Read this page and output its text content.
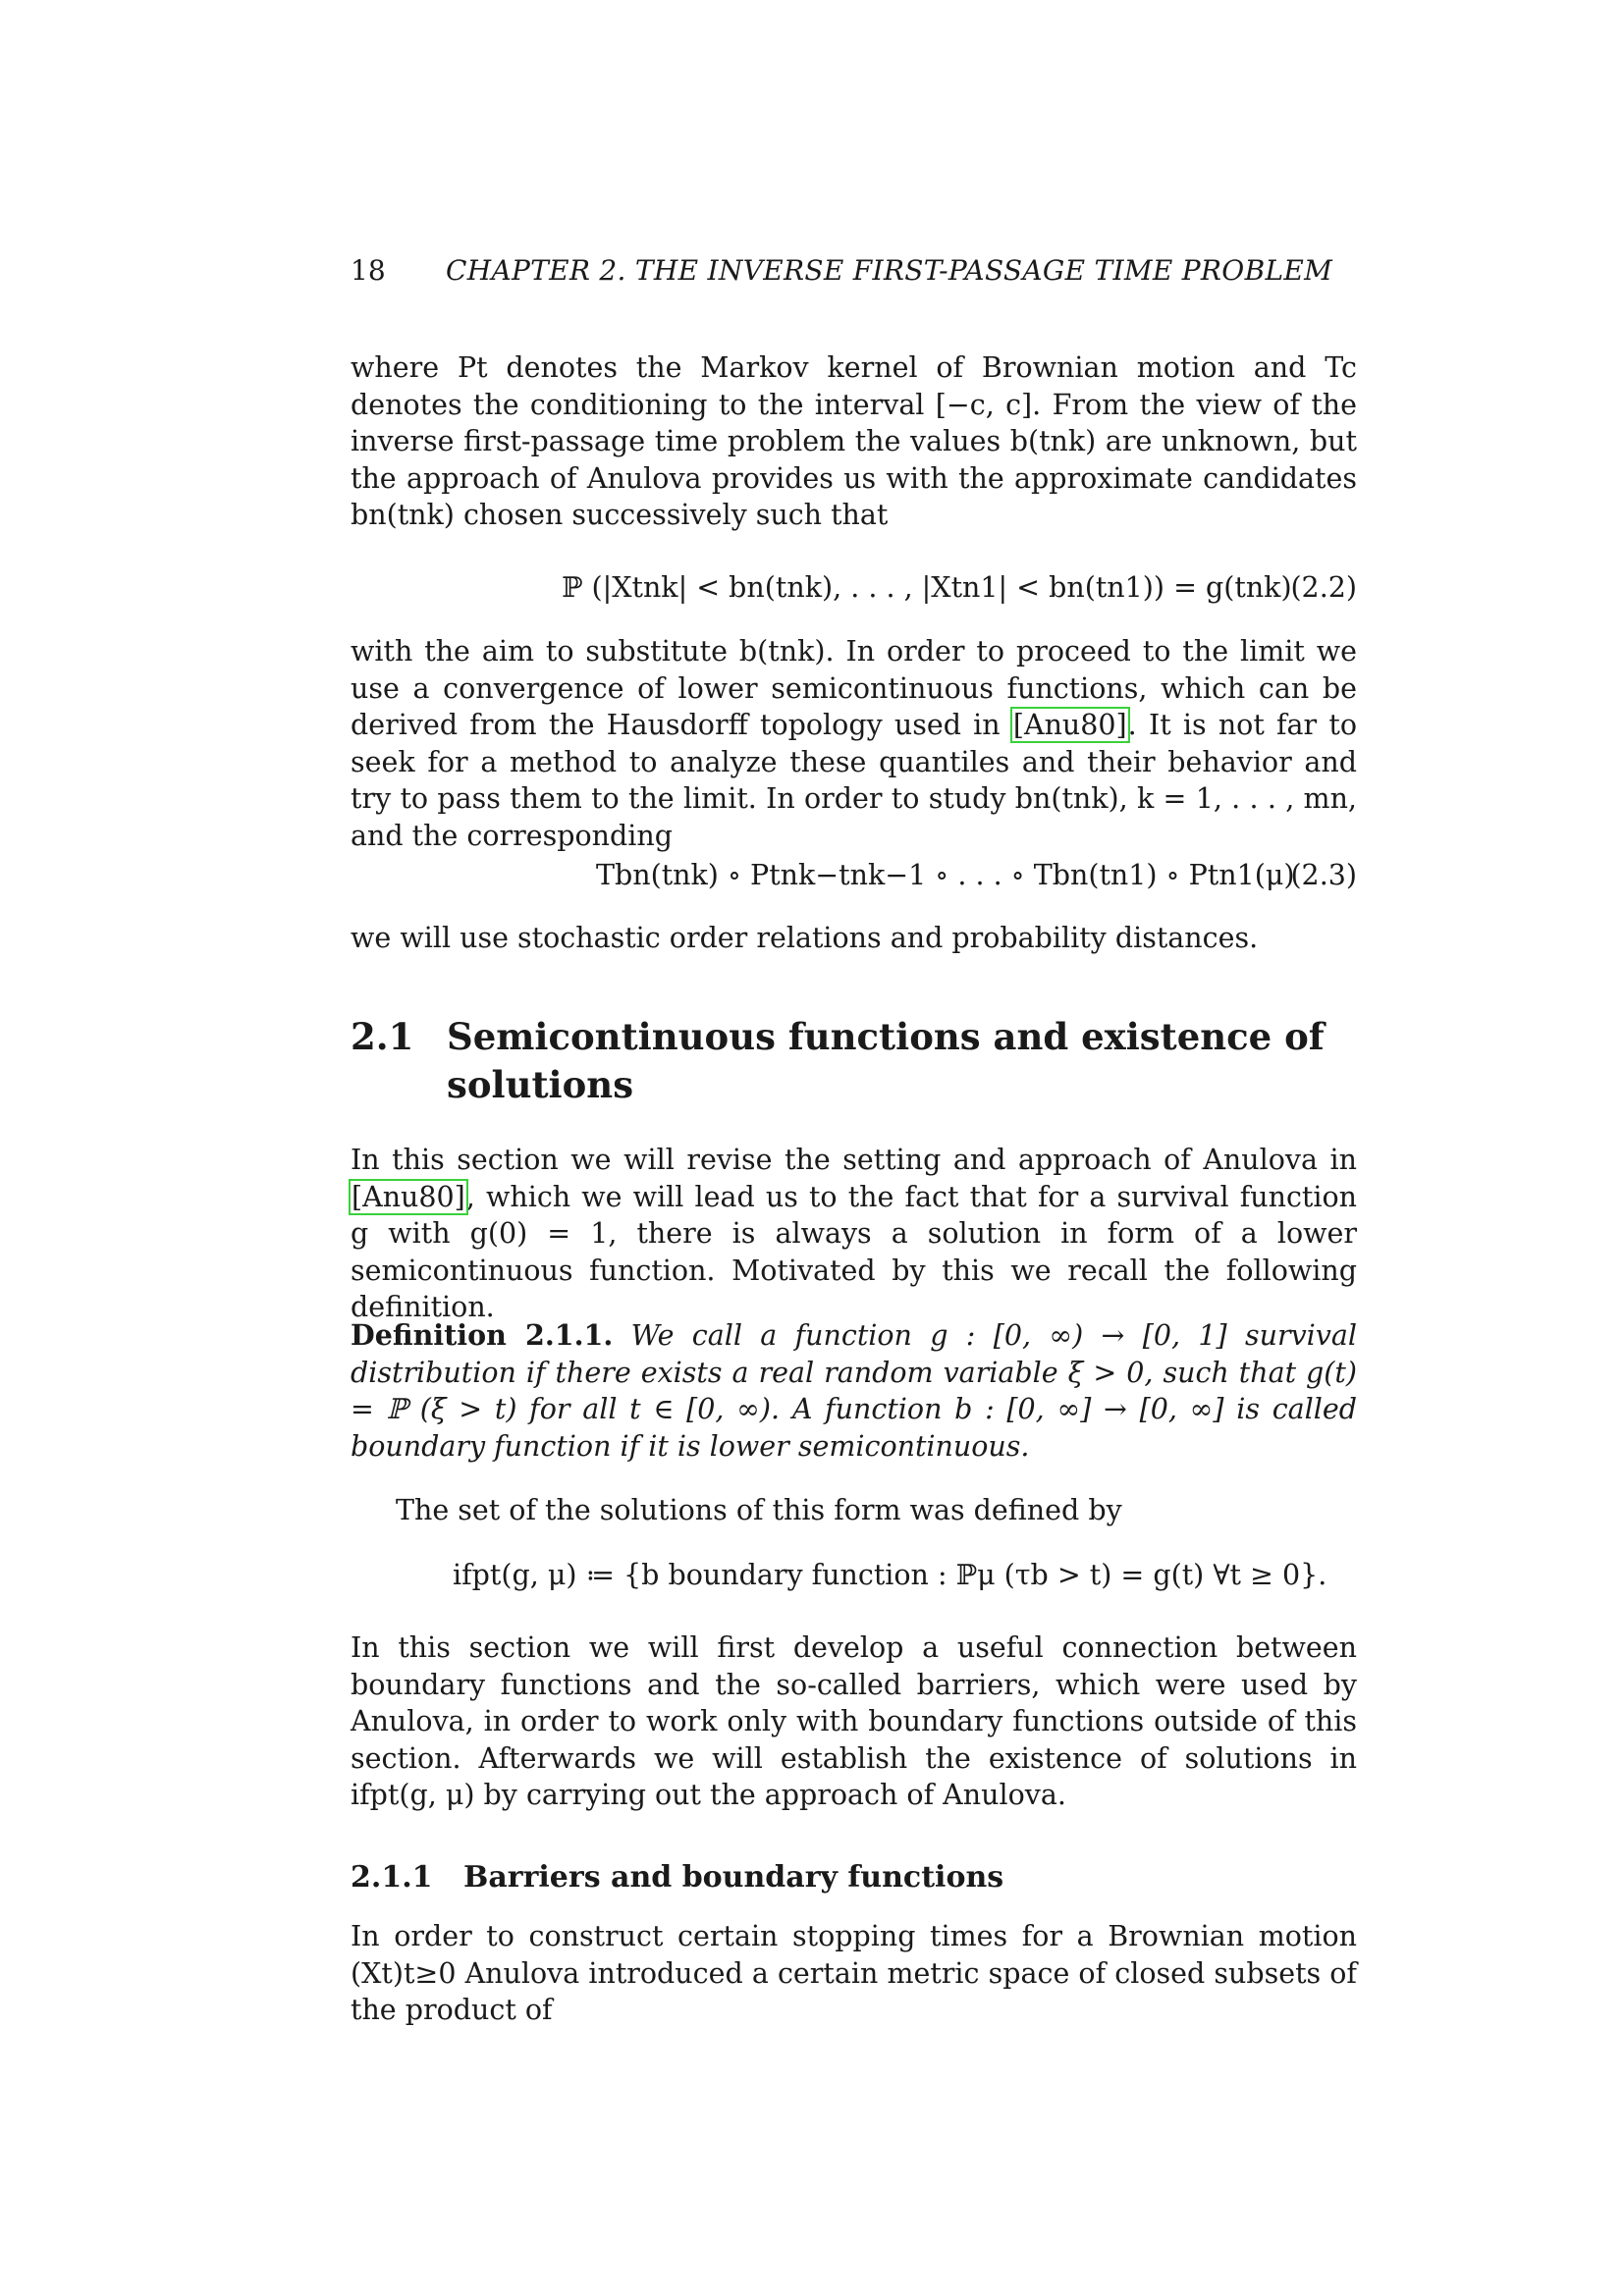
18 CHAPTER 2. THE INVERSE FIRST-PASSAGE TIME PROBLEM

where Pt denotes the Markov kernel of Brownian motion and Tc denotes the conditioning to the interval [−c, c]. From the view of the inverse first-passage time problem the values b(tnk) are unknown, but the approach of Anulova provides us with the approximate candidates bn(tnk) chosen successively such that

ℙ (|Xtnk| < bn(tnk), . . . , |Xtn1| < bn(tn1)) = g(tnk)
(2.2)

with the aim to substitute b(tnk). In order to proceed to the limit we use a convergence of lower semicontinuous functions, which can be derived from the Hausdorff topology used in [Anu80]. It is not far to seek for a method to analyze these quantiles and their behavior and try to pass them to the limit. In order to study bn(tnk), k = 1, . . . , mn, and the corresponding

Tbn(tnk) ∘ Ptnk−tnk−1 ∘ . . . ∘ Tbn(tn1) ∘ Ptn1(μ)
(2.3)

we will use stochastic order relations and probability distances.

2.1 Semicontinuous functions and existence of solutions

In this section we will revise the setting and approach of Anulova in [Anu80], which we will lead us to the fact that for a survival function g with g(0) = 1, there is always a solution in form of a lower semicontinuous function. Motivated by this we recall the following definition.

Definition 2.1.1. We call a function g : [0, ∞) → [0, 1] survival distribution if there exists a real random variable ξ > 0, such that g(t) = ℙ (ξ > t) for all t ∈ [0, ∞). A function b : [0, ∞] → [0, ∞] is called boundary function if it is lower semicontinuous.

The set of the solutions of this form was defined by

ifpt(g, μ) ≔ {b boundary function : ℙμ (τb > t) = g(t) ∀t ≥ 0}.

In this section we will first develop a useful connection between boundary functions and the so-called barriers, which were used by Anulova, in order to work only with boundary functions outside of this section. Afterwards we will establish the existence of solutions in ifpt(g, μ) by carrying out the approach of Anulova.

2.1.1 Barriers and boundary functions

In order to construct certain stopping times for a Brownian motion (Xt)t≥0 Anulova introduced a certain metric space of closed subsets of the product of
